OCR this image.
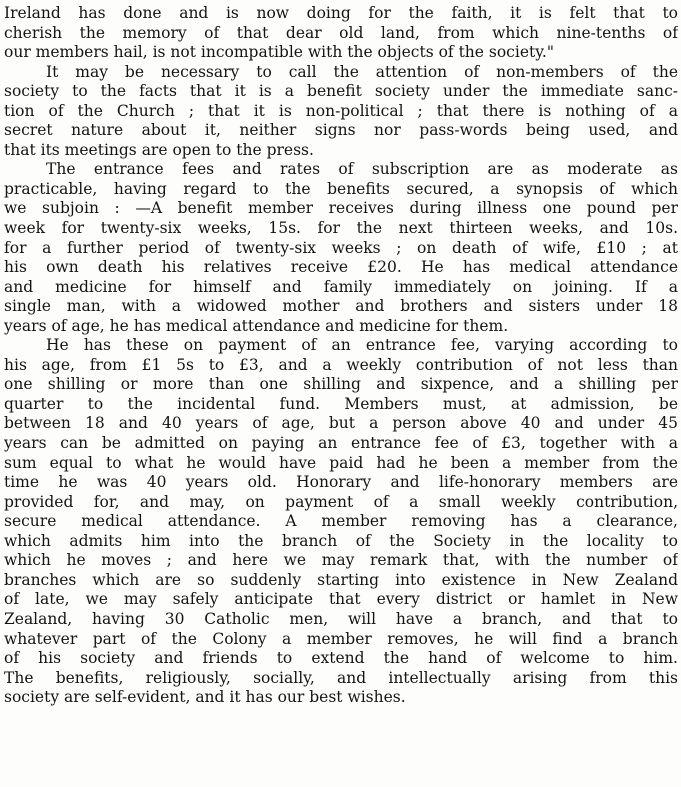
Ireland has done and is now doing for the faith, it is felt that to
cherish the memory of that dear old land, from which nine-tenths of
our members hail, is not incompatible with the objects of the society."
It may be necessary to call the attention of non-members of the
society to the facts that it is a benefit society under the immediate sanc-
tion of the Church ; that it is non-political ; that there is nothing of a
secret nature about it, neither signs nor pass-words being used, and
that its meetings are open to the press.
The entrance fees and rates of subscription are as moderate as
practicable, having regard to the benefits secured, a synopsis of which
we subjoin : —A benefit member receives during illness one pound per
week for twenty-six weeks, 15s. for the next thirteen weeks, and 10s.
for a further period of twenty-six weeks ; on death of wife, £10 ; at
his own death his relatives receive £20. He has medical attendance
and medicine for himself and family immediately on joining. If a
single man, with a widowed mother and brothers and sisters under 18
years of age, he has medical attendance and medicine for them.
He has these on payment of an entrance fee, varying according to
his age, from £1 5s to £3, and a weekly contribution of not less than
one shilling or more than one shilling and sixpence, and a shilling per
quarter to the incidental fund. Members must, at admission, be
between 18 and 40 years of age, but a person above 40 and under 45
years can be admitted on paying an entrance fee of £3, together with a
sum equal to what he would have paid had he been a member from the
time he was 40 years old. Honorary and life-honorary members are
provided for, and may, on payment of a small weekly contribution,
secure medical attendance. A member removing has a clearance,
which admits him into the branch of the Society in the locality to
which he moves ; and here we may remark that, with the number of
branches which are so suddenly starting into existence in New Zealand
of late, we may safely anticipate that every district or hamlet in New
Zealand, having 30 Catholic men, will have a branch, and that to
whatever part of the Colony a member removes, he will find a branch
of his society and friends to extend the hand of welcome to him.
The benefits, religiously, socially, and intellectually arising from this
society are self-evident, and it has our best wishes.
